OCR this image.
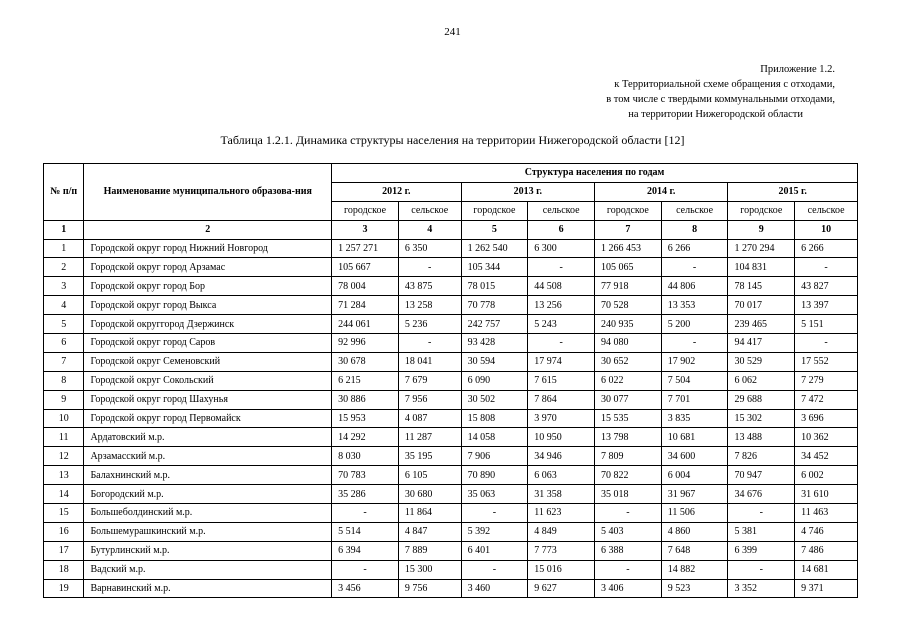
241
Приложение 1.2.
к Территориальной схеме обращения с отходами,
в том числе с твердыми коммунальными отходами,
на территории Нижегородской области
Таблица 1.2.1. Динамика структуры населения на территории Нижегородской области [12]
№ п/п	Наименование муниципального образова-ния	Структура населения по годам							
		2012 г.		2013 г.		2014 г.		2015 г.	
		городское	сельское	городское	сельское	городское	сельское	городское	сельское
1	2	3	4	5	6	7	8	9	10
1	Городской округ город Нижний Новгород	1 257 271	6 350	1 262 540	6 300	1 266 453	6 266	1 270 294	6 266
2	Городской округ город Арзамас	105 667	-	105 344	-	105 065	-	104 831	-
3	Городской округ город Бор	78 004	43 875	78 015	44 508	77 918	44 806	78 145	43 827
4	Городской округ город Выкса	71 284	13 258	70 778	13 256	70 528	13 353	70 017	13 397
5	Городской округгород Дзержинск	244 061	5 236	242 757	5 243	240 935	5 200	239 465	5 151
6	Городской округ город Саров	92 996	-	93 428	-	94 080	-	94 417	-
7	Городской округ Семеновский	30 678	18 041	30 594	17 974	30 652	17 902	30 529	17 552
8	Городской округ Сокольский	6 215	7 679	6 090	7 615	6 022	7 504	6 062	7 279
9	Городской округ город Шахунья	30 886	7 956	30 502	7 864	30 077	7 701	29 688	7 472
10	Городской округ город Первомайск	15 953	4 087	15 808	3 970	15 535	3 835	15 302	3 696
11	Ардатовский м.р.	14 292	11 287	14 058	10 950	13 798	10 681	13 488	10 362
12	Арзамасский м.р.	8 030	35 195	7 906	34 946	7 809	34 600	7 826	34 452
13	Балахнинский м.р.	70 783	6 105	70 890	6 063	70 822	6 004	70 947	6 002
14	Богородский м.р.	35 286	30 680	35 063	31 358	35 018	31 967	34 676	31 610
15	Большеболдинский м.р.	-	11 864	-	11 623	-	11 506	-	11 463
16	Большемурашкинский м.р.	5 514	4 847	5 392	4 849	5 403	4 860	5 381	4 746
17	Бутурлинский м.р.	6 394	7 889	6 401	7 773	6 388	7 648	6 399	7 486
18	Вадский м.р.	-	15 300	-	15 016	-	14 882	-	14 681
19	Варнавинский м.р.	3 456	9 756	3 460	9 627	3 406	9 523	3 352	9 371
